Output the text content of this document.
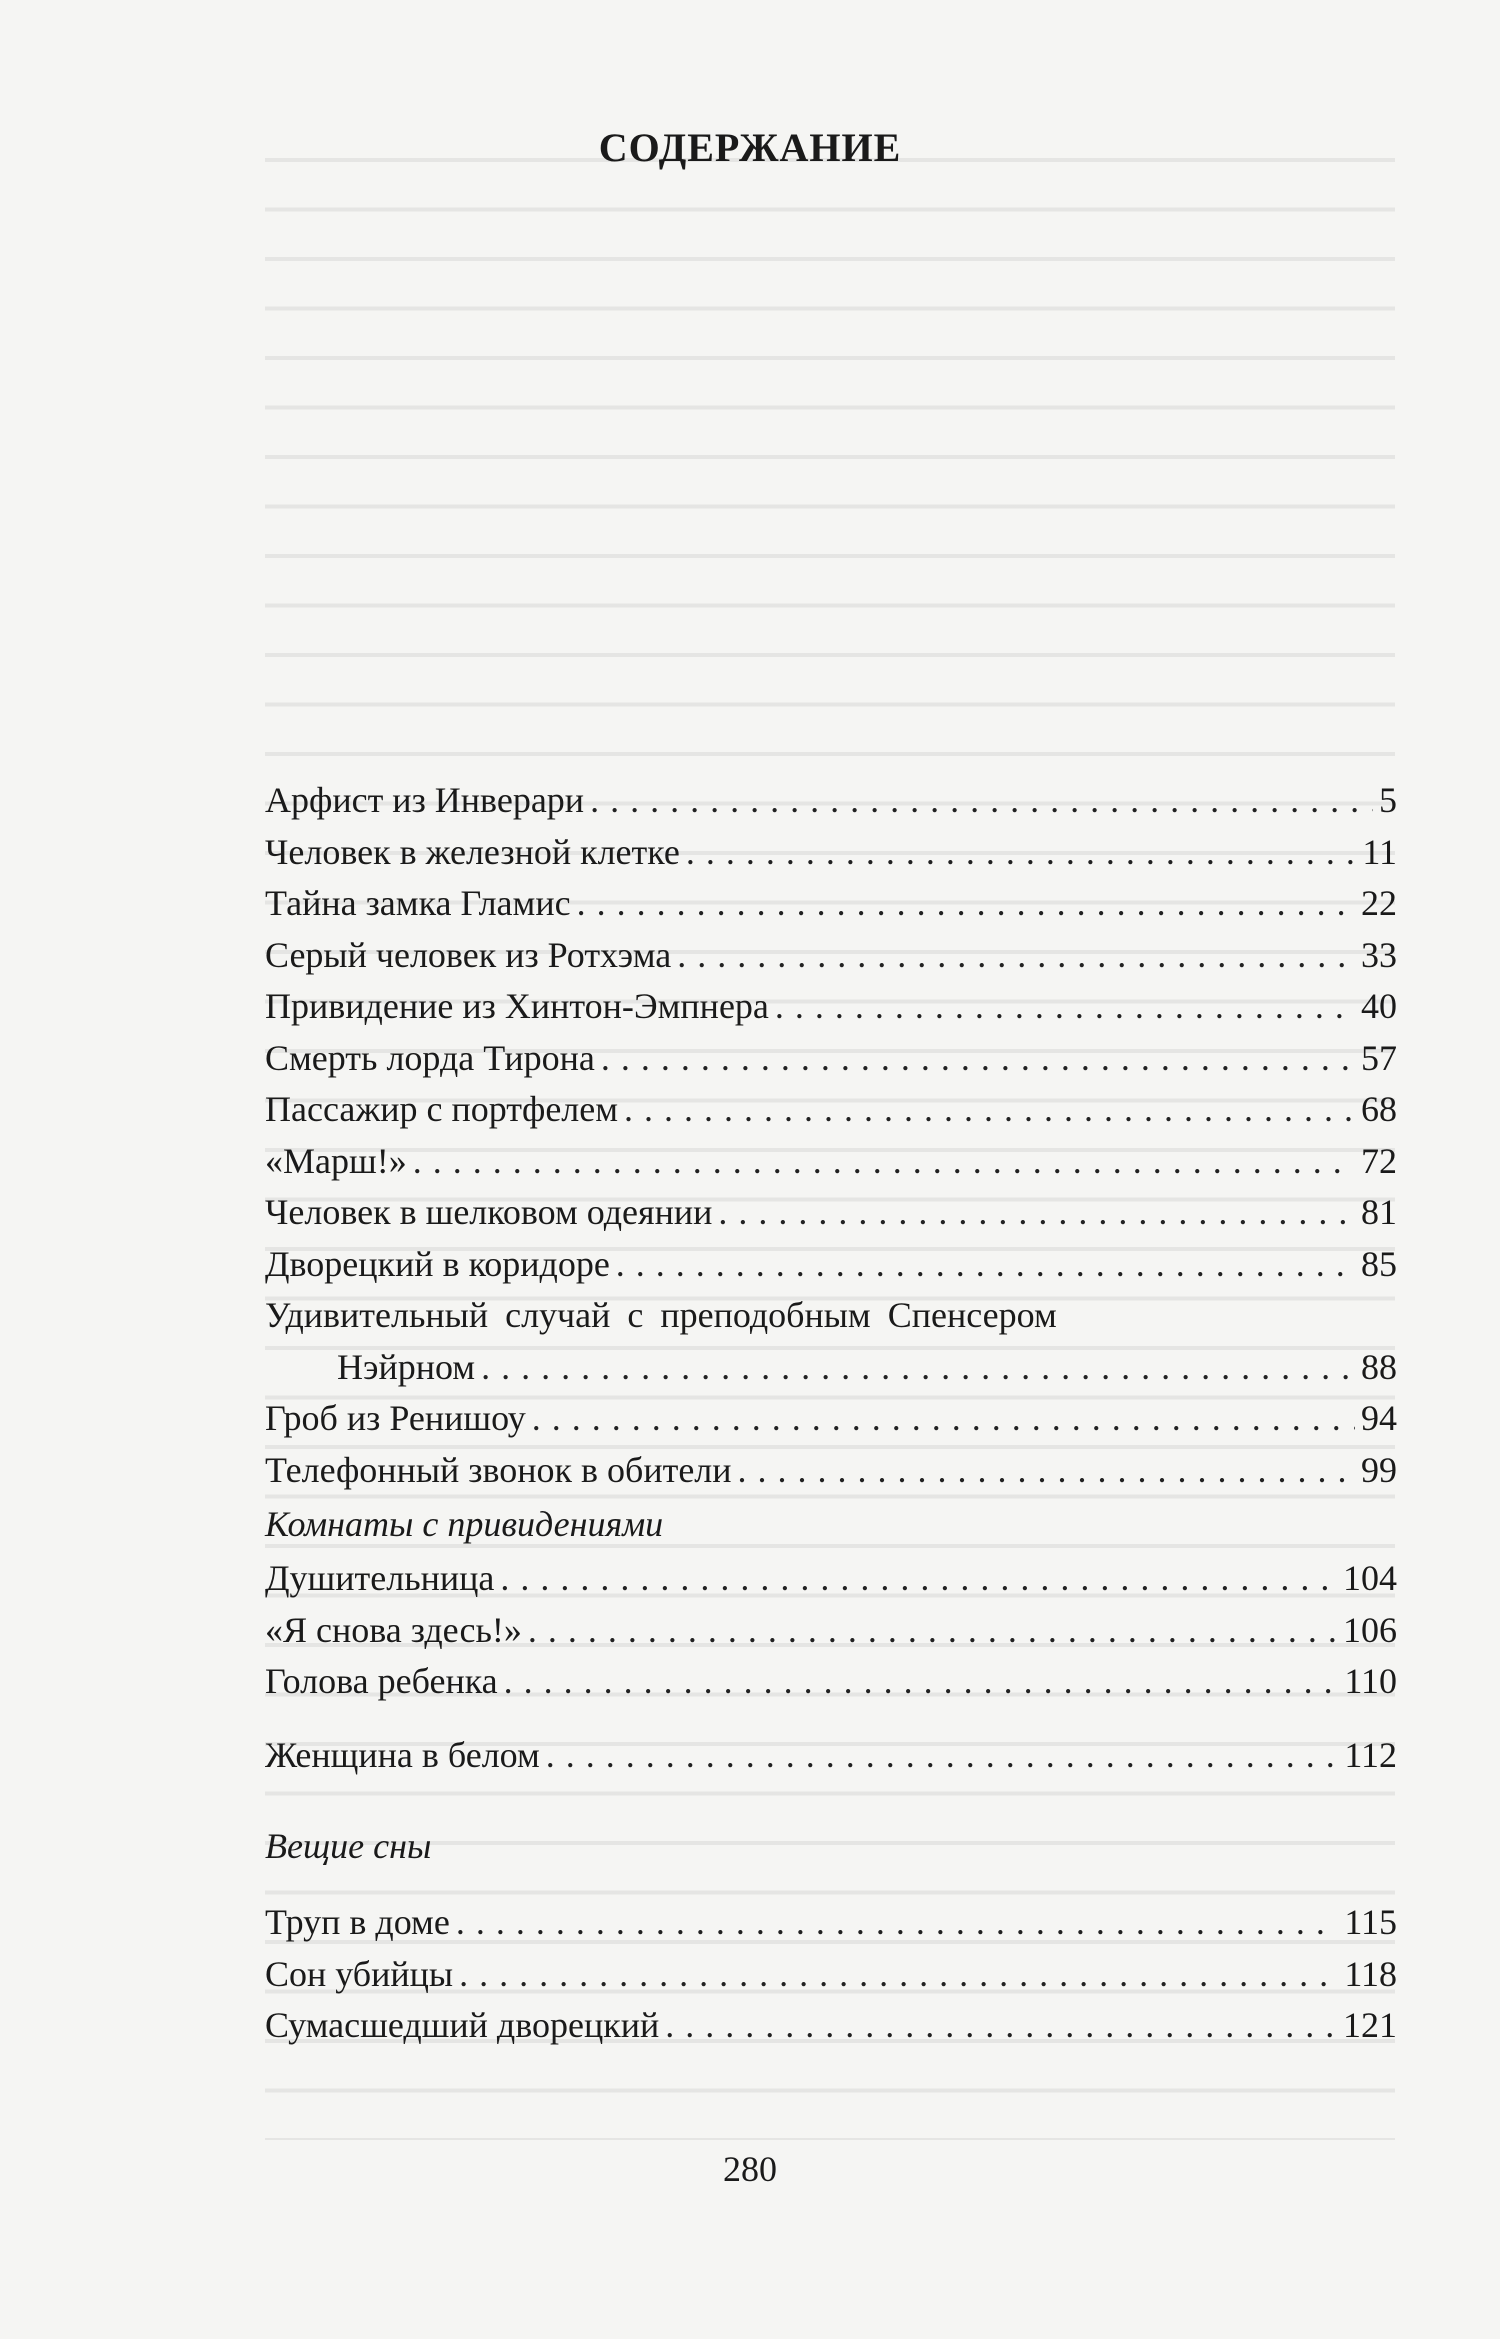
СОДЕРЖАНИЕ
Арфист из Инверари . . .	5
Человек в железной клетке . . .	11
Тайна замка Гламис . . .	22
Серый человек из Ротхэма . . .	33
Привидение из Хинтон-Эмпнера . . .	40
Смерть лорда Тирона . . .	57
Пассажир с портфелем . . .	68
«Марш!» . . .	72
Человек в шелковом одеянии . . .	81
Дворецкий в коридоре . . .	85
Удивительный случай с преподобным Спенсером
Нэйрном . . .	88
Гроб из Ренишоу . . .	94
Телефонный звонок в обители . . .	99
Комнаты с привидениями
Душительница . . .	104
«Я снова здесь!» . . .	106
Голова ребенка . . .	110
Женщина в белом . . .	112
Вещие сны
Труп в доме . . .	115
Сон убийцы . . .	118
Сумасшедший дворецкий . . .	121
280
